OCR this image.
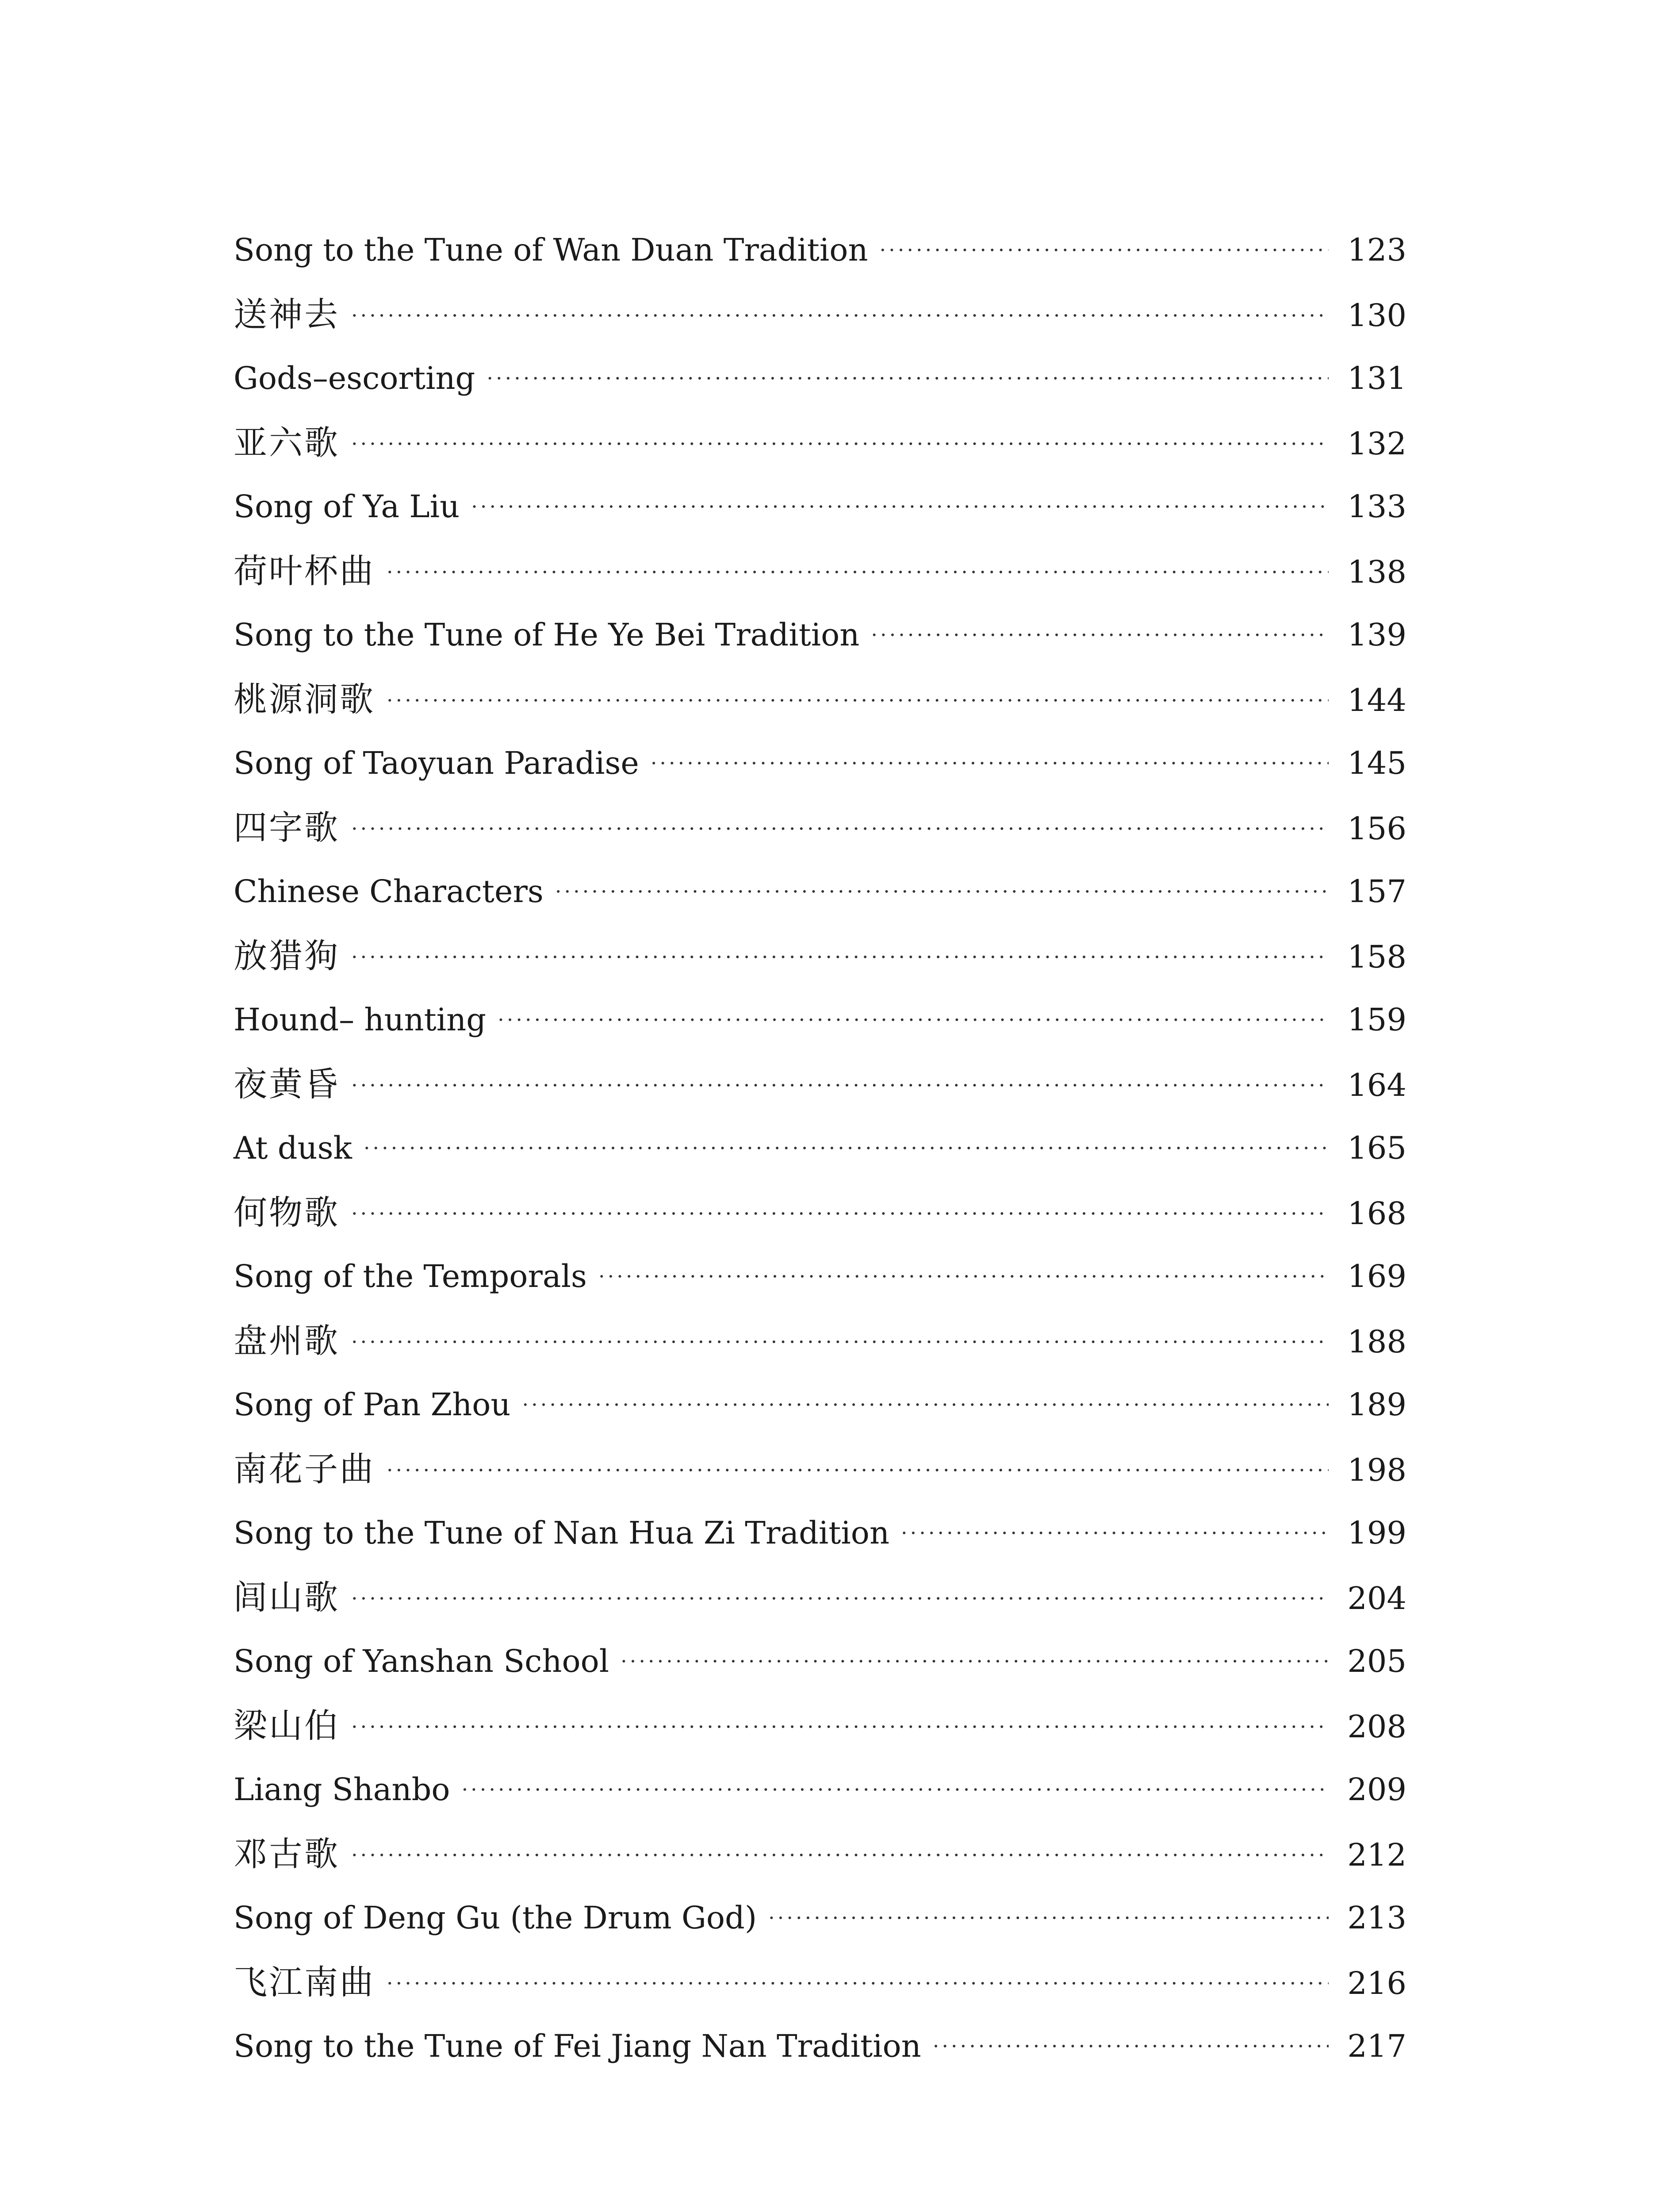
Song to the Tune of Wan Duan Tradition ·····	123
送神去 ·····	130
Gods–escorting ·····	131
亚六歌 ·····	132
Song of Ya Liu ·····	133
荷叶杯曲 ·····	138
Song to the Tune of He Ye Bei Tradition ·····	139
桃源洞歌 ·····	144
Song of Taoyuan Paradise ·····	145
四字歌 ·····	156
Chinese Characters ·····	157
放猎狗 ·····	158
Hound– hunting ·····	159
夜黄昏 ·····	164
At dusk ·····	165
何物歌 ·····	168
Song of the Temporals ·····	169
盘州歌 ·····	188
Song of Pan Zhou ·····	189
南花子曲 ·····	198
Song to the Tune of Nan Hua Zi Tradition ·····	199
闾山歌 ·····	204
Song of Yanshan School ·····	205
梁山伯 ·····	208
Liang Shanbo ·····	209
邓古歌 ·····	212
Song of Deng Gu (the Drum God) ·····	213
飞江南曲 ·····	216
Song to the Tune of Fei Jiang Nan Tradition ·····	217
